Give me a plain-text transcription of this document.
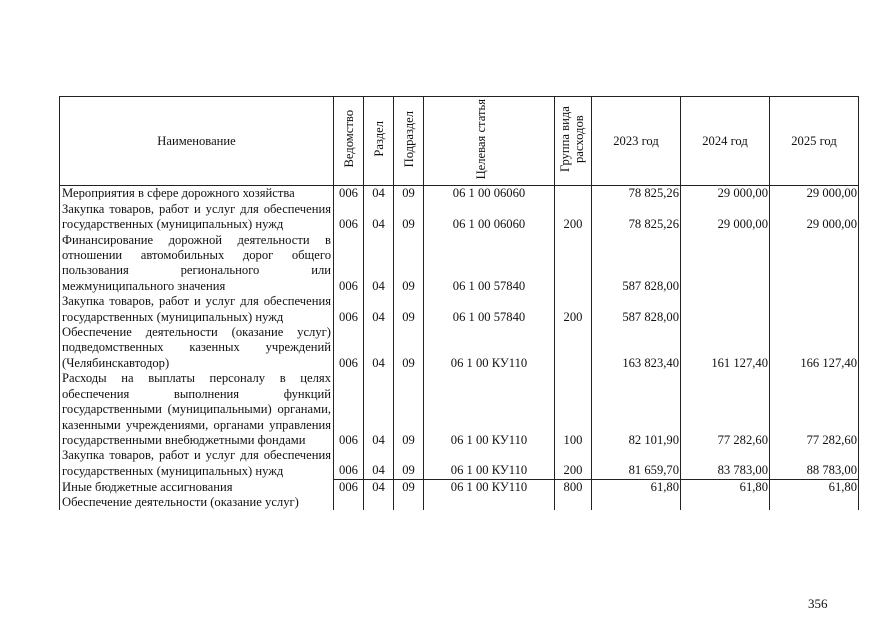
Наименование	Ведомство	Раздел	Подраздел	Целевая статья	Группа вида расходов	2023 год	2024 год	2025 год
Мероприятия в сфере дорожного хозяйства	006	04	09	06 1 00 06060		78 825,26	29 000,00	29 000,00
Закупка товаров, работ и услуг для обеспечения государственных (муниципальных) нужд	006	04	09	06 1 00 06060	200	78 825,26	29 000,00	29 000,00
Финансирование дорожной деятельности в отношении автомобильных дорог общего пользования регионального или межмуниципального значения	006	04	09	06 1 00 57840		587 828,00		
Закупка товаров, работ и услуг для обеспечения государственных (муниципальных) нужд	006	04	09	06 1 00 57840	200	587 828,00		
Обеспечение деятельности (оказание услуг) подведомственных казенных учреждений (Челябинскавтодор)	006	04	09	06 1 00 КУ110		163 823,40	161 127,40	166 127,40
Расходы на выплаты персоналу в целях обеспечения выполнения функций государственными (муниципальными) органами, казенными учреждениями, органами управления государственными внебюджетными фондами	006	04	09	06 1 00 КУ110	100	82 101,90	77 282,60	77 282,60
Закупка товаров, работ и услуг для обеспечения государственных (муниципальных) нужд	006	04	09	06 1 00 КУ110	200	81 659,70	83 783,00	88 783,00
Иные бюджетные ассигнования	006	04	09	06 1 00 КУ110	800	61,80	61,80	61,80
Обеспечение деятельности (оказание услуг)								
356
